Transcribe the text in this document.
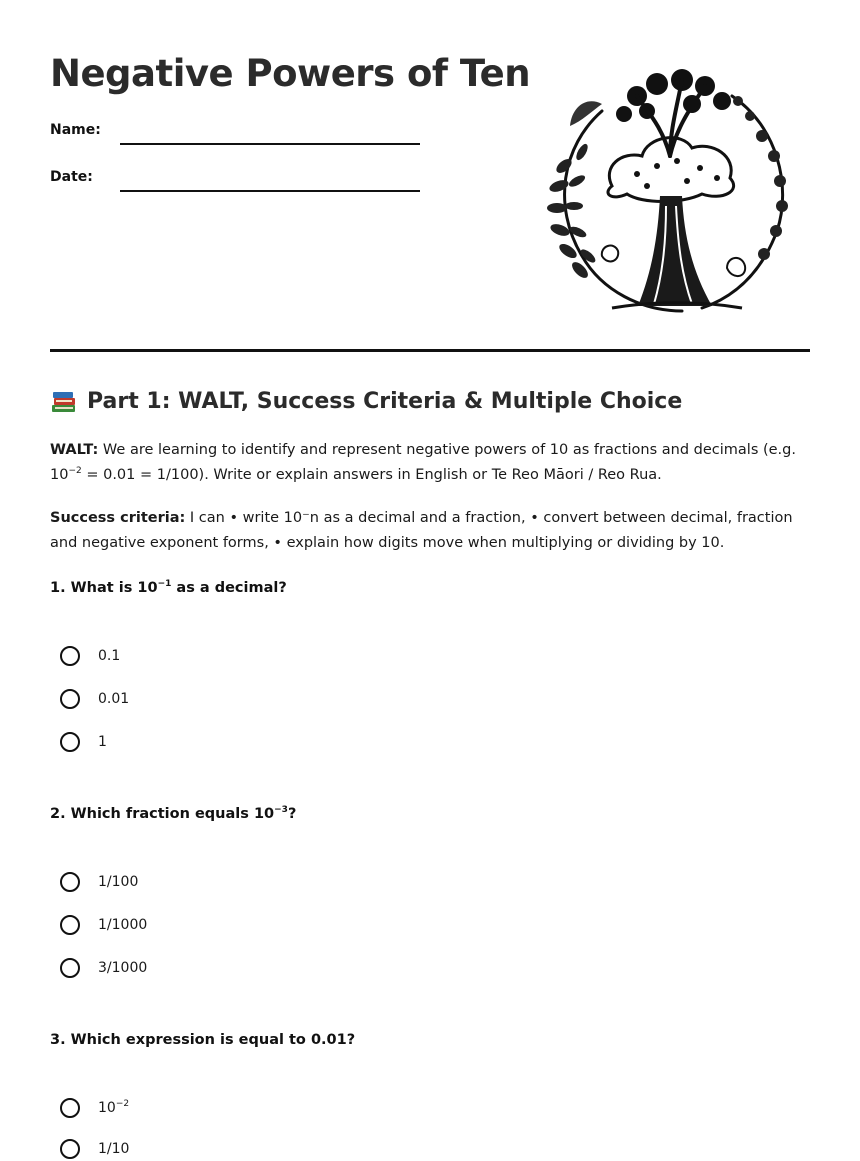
Negative Powers of Ten
Name:
Date:
Part 1: WALT, Success Criteria & Multiple Choice

WALT: We are learning to identify and represent negative powers of 10 as fractions and decimals (e.g. $10^{-2} = 0.01 = 1/100$). Write or explain answers in English or Te Reo Māori / Reo Rua.

Success criteria: I can • write 10⁻n as a decimal and a fraction, • convert between decimal, fraction and negative exponent forms, • explain how digits move when multiplying or dividing by 10.

1. What is $10^{-1}$ as a decimal?

0.1
0.01
1

2. Which fraction equals $10^{-3}$?

1/100
1/1000
3/1000

3. Which expression is equal to 0.01?

$10^{-2}$
1/10
